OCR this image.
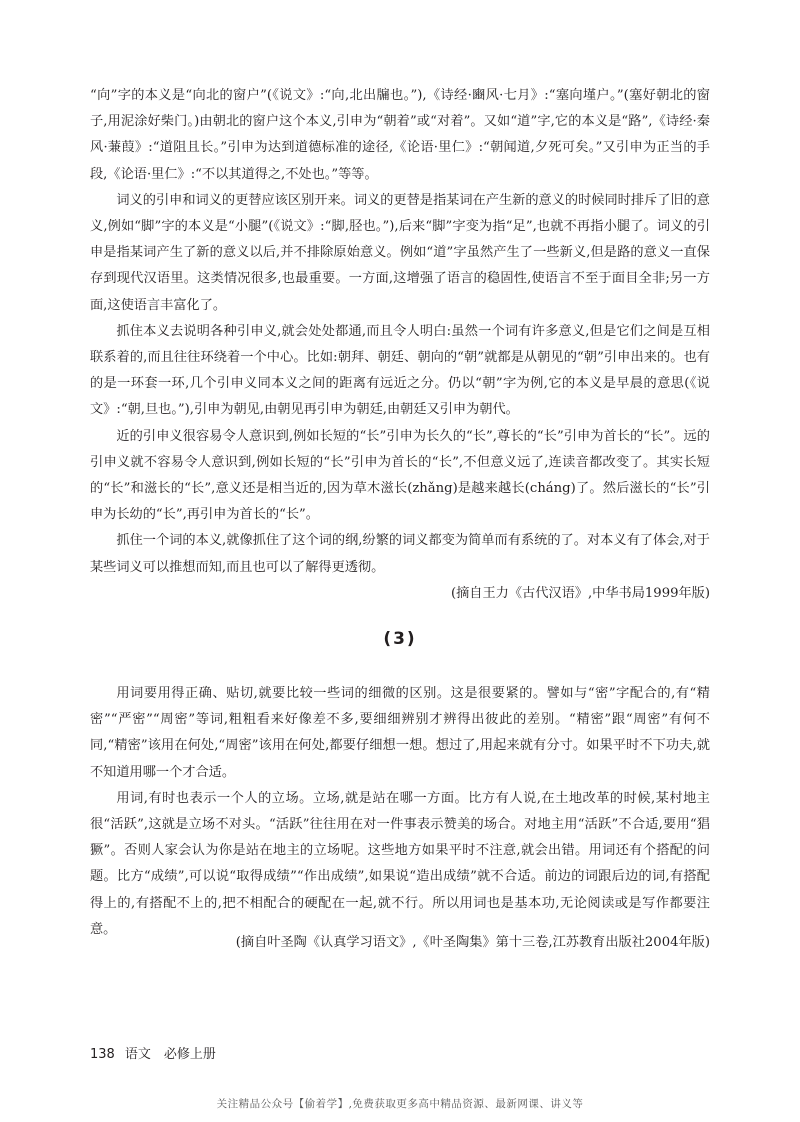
“向”字的本义是“向北的窗户”(《说文》:“向,北出牖也。”),《诗经·豳风·七月》:“塞向墐户。”(塞好朝北的窗子,用泥涂好柴门。)由朝北的窗户这个本义,引申为“朝着”或“对着”。又如“道”字,它的本义是“路”,《诗经·秦风·蒹葭》:“道阻且长。”引申为达到道德标准的途径,《论语·里仁》:“朝闻道,夕死可矣。”又引申为正当的手段,《论语·里仁》:“不以其道得之,不处也。”等等。

词义的引申和词义的更替应该区别开来。词义的更替是指某词在产生新的意义的时候同时排斥了旧的意义,例如“脚”字的本义是“小腿”(《说文》:“脚,胫也。”),后来“脚”字变为指“足”,也就不再指小腿了。词义的引申是指某词产生了新的意义以后,并不排除原始意义。例如“道”字虽然产生了一些新义,但是路的意义一直保存到现代汉语里。这类情况很多,也最重要。一方面,这增强了语言的稳固性,使语言不至于面目全非;另一方面,这使语言丰富化了。

抓住本义去说明各种引申义,就会处处都通,而且令人明白:虽然一个词有许多意义,但是它们之间是互相联系着的,而且往往环绕着一个中心。比如:朝拜、朝廷、朝向的“朝”就都是从朝见的“朝”引申出来的。也有的是一环套一环,几个引申义同本义之间的距离有远近之分。仍以“朝”字为例,它的本义是早晨的意思(《说文》:“朝,旦也。”),引申为朝见,由朝见再引申为朝廷,由朝廷又引申为朝代。

近的引申义很容易令人意识到,例如长短的“长”引申为长久的“长”,尊长的“长”引申为首长的“长”。远的引申义就不容易令人意识到,例如长短的“长”引申为首长的“长”,不但意义远了,连读音都改变了。其实长短的“长”和滋长的“长”,意义还是相当近的,因为草木滋长(zhǎng)是越来越长(cháng)了。然后滋长的“长”引申为长幼的“长”,再引申为首长的“长”。

抓住一个词的本义,就像抓住了这个词的纲,纷繁的词义都变为简单而有系统的了。对本义有了体会,对于某些词义可以推想而知,而且也可以了解得更透彻。

(摘自王力《古代汉语》,中华书局1999年版)
(3)

用词要用得正确、贴切,就要比较一些词的细微的区别。这是很要紧的。譬如与“密”字配合的,有“精密”“严密”“周密”等词,粗粗看来好像差不多,要细细辨别才辨得出彼此的差别。“精密”跟“周密”有何不同,“精密”该用在何处,“周密”该用在何处,都要仔细想一想。想过了,用起来就有分寸。如果平时不下功夫,就不知道用哪一个才合适。

用词,有时也表示一个人的立场。立场,就是站在哪一方面。比方有人说,在土地改革的时候,某村地主很“活跃”,这就是立场不对头。“活跃”往往用在对一件事表示赞美的场合。对地主用“活跃”不合适,要用“猖獗”。否则人家会认为你是站在地主的立场呢。这些地方如果平时不注意,就会出错。用词还有个搭配的问题。比方“成绩”,可以说“取得成绩”“作出成绩”,如果说“造出成绩”就不合适。前边的词跟后边的词,有搭配得上的,有搭配不上的,把不相配合的硬配在一起,就不行。所以用词也是基本功,无论阅读或是写作都要注意。

(摘自叶圣陶《认真学习语文》,《叶圣陶集》第十三卷,江苏教育出版社2004年版)
138 语文　必修上册
关注精品公众号【偷着学】,免费获取更多高中精品资源、最新网课、讲义等
